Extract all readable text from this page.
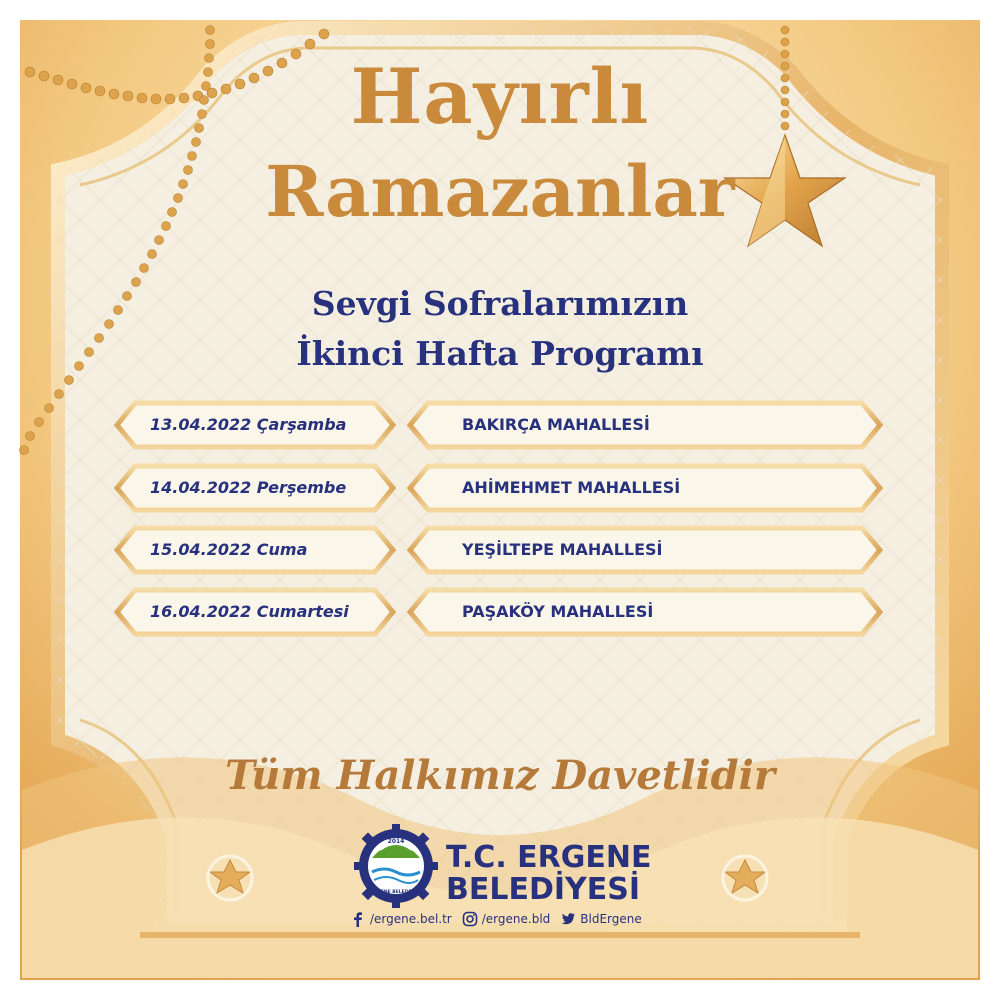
2014
ERGENE BELEDİYESİ
Hayırlı
Ramazanlar
Sevgi Sofralarımızın
İkinci Hafta Programı
13.04.2022 Çarşamba	BAKIRÇA MAHALLESİ
14.04.2022 Perşembe	AHİMEHMET MAHALLESİ
15.04.2022 Cuma	YEŞİLTEPE MAHALLESİ
16.04.2022 Cumartesi	PAŞAKÖY MAHALLESİ
Tüm Halkımız Davetlidir
T.C. ERGENE
BELEDİYESİ
/ergene.bel.tr	/ergene.bld	BldErgene
